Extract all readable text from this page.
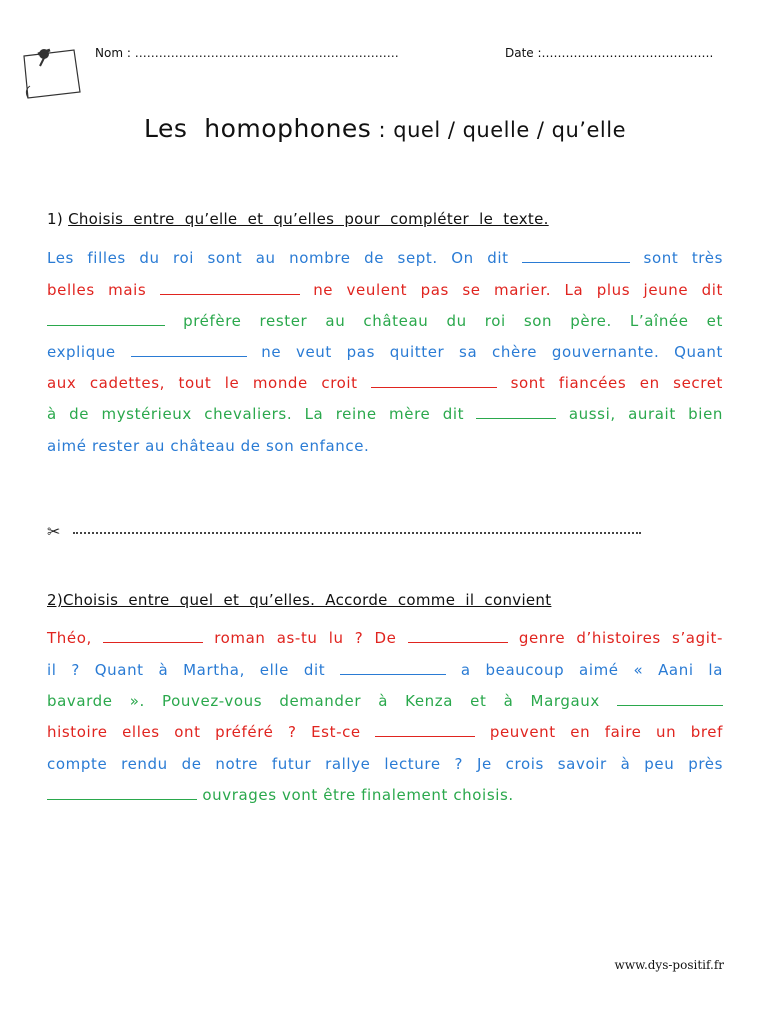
Nom : …………………………………………………………	Date :…………………………………….
Les  homophones : quel / quelle / qu’elle
1) Choisis  entre  qu’elle  et  qu’elles  pour  compléter  le  texte.
Les filles du roi sont au nombre de sept. On dit	sont très
belles mais	ne veulent pas se marier. La plus jeune dit
préfère rester au château du roi son père. L’aînée et
explique	ne veut pas quitter sa chère gouvernante. Quant
aux cadettes, tout le monde croit	sont fiancées en secret
à de mystérieux chevaliers. La reine mère dit	aussi, aurait bien
aimé rester au château de son enfance.
✂
2)Choisis  entre  quel  et  qu’elles.  Accorde  comme  il  convient
Théo,	roman as-tu lu ? De	genre d’histoires s’agit-
il ? Quant à Martha, elle dit	a beaucoup aimé « Aani la
bavarde ». Pouvez-vous demander à Kenza et à Margaux
histoire elles ont préféré ? Est-ce	peuvent en faire un bref
compte rendu de notre futur rallye lecture ? Je crois savoir à peu près
ouvrages vont être finalement choisis.
www.dys-positif.fr
